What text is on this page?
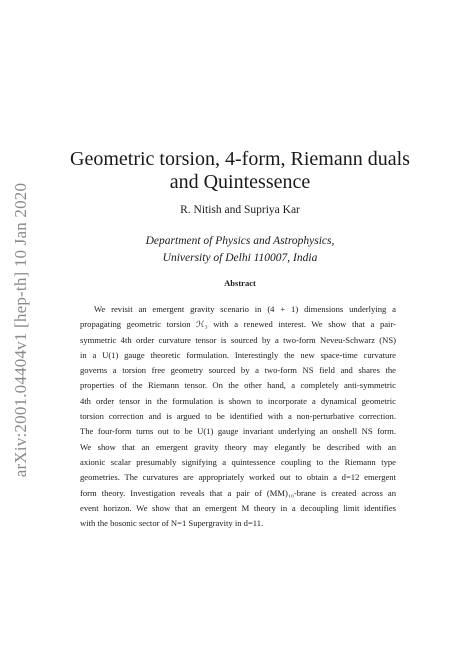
arXiv:2001.04404v1 [hep-th] 10 Jan 2020
Geometric torsion, 4-form, Riemann duals
and Quintessence
R. Nitish and Supriya Kar
Department of Physics and Astrophysics,
University of Delhi 110007, India
Abstract
We revisit an emergent gravity scenario in (4 + 1) dimensions underlying a
propagating geometric torsion ℋ₃ with a renewed interest. We show that a pair-
symmetric 4th order curvature tensor is sourced by a two-form Neveu-Schwarz (NS)
in a U(1) gauge theoretic formulation. Interestingly the new space-time curvature
governs a torsion free geometry sourced by a two-form NS field and shares the
properties of the Riemann tensor. On the other hand, a completely anti-symmetric
4th order tensor in the formulation is shown to incorporate a dynamical geometric
torsion correction and is argued to be identified with a non-perturbative correction.
The four-form turns out to be U(1) gauge invariant underlying an onshell NS form.
We show that an emergent gravity theory may elegantly be described with an
axionic scalar presumably signifying a quintessence coupling to the Riemann type
geometries. The curvatures are appropriately worked out to obtain a d=12 emergent
form theory. Investigation reveals that a pair of (MM)₁₀-brane is created across an
event horizon. We show that an emergent M theory in a decoupling limit identifies
with the bosonic sector of N=1 Supergravity in d=11.
